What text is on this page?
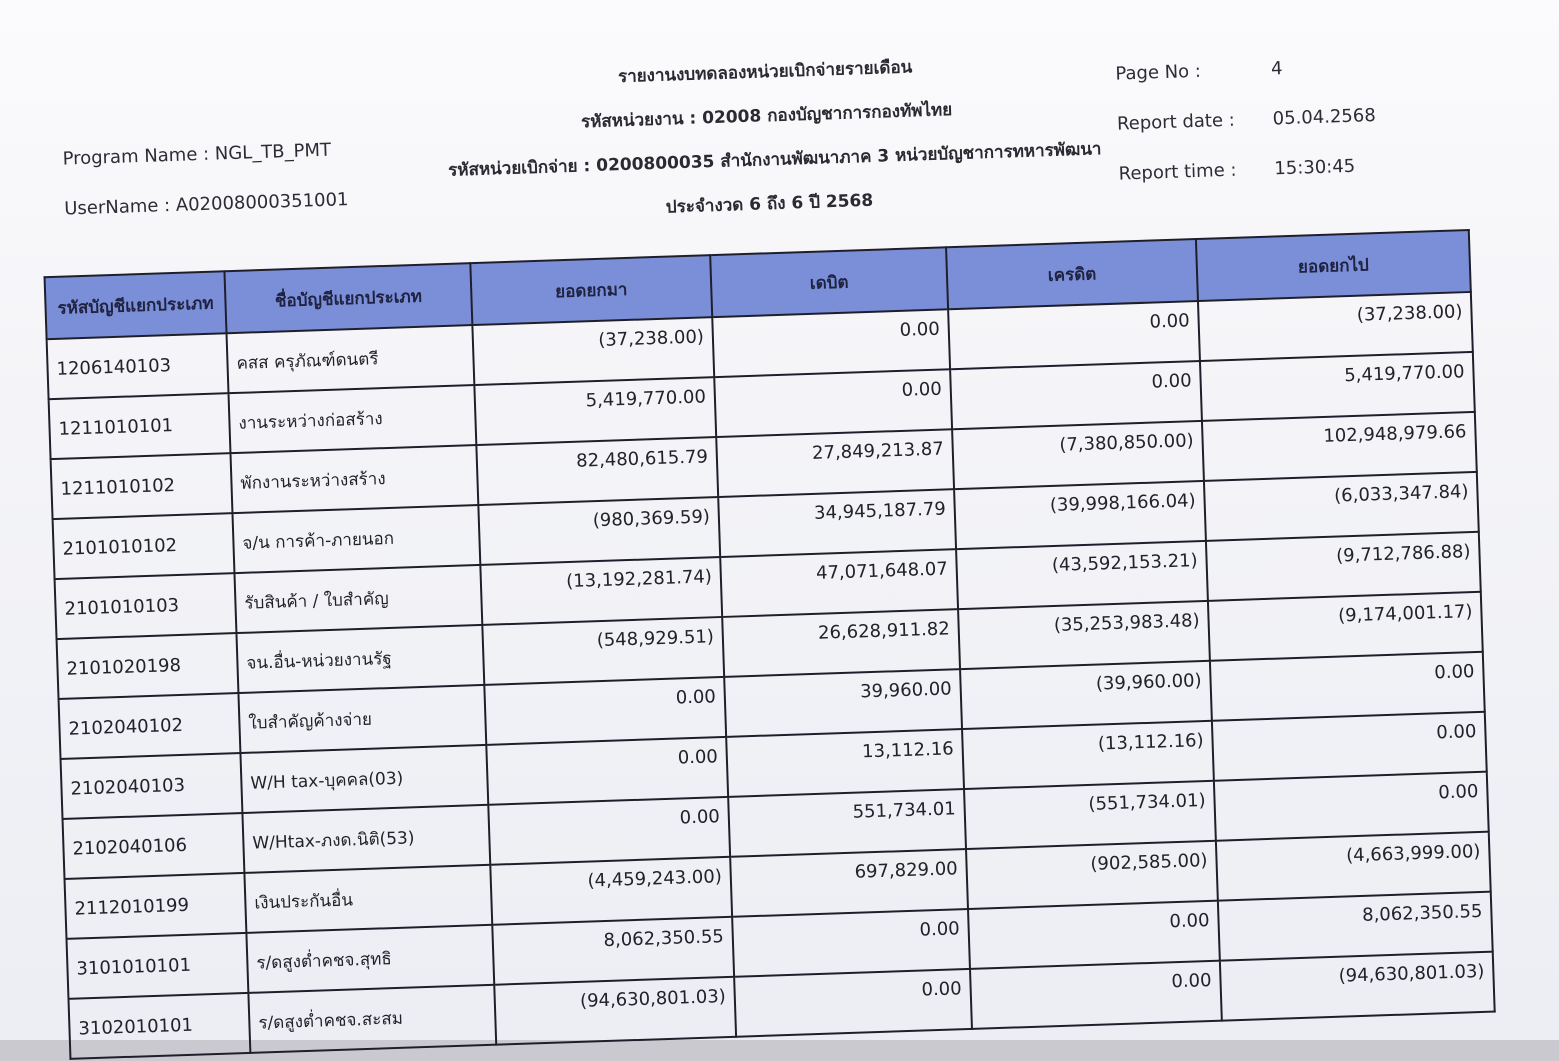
Program Name : NGL_TB_PMT
UserName : A02008000351001
รายงานงบทดลองหน่วยเบิกจ่ายรายเดือน
รหัสหน่วยงาน : 02008 กองบัญชาการกองทัพไทย
รหัสหน่วยเบิกจ่าย : 0200800035 สำนักงานพัฒนาภาค 3 หน่วยบัญชาการทหารพัฒนา
ประจำงวด 6 ถึง 6 ปี 2568
Page No :	4
Report date : 05.04.2568
Report time : 15:30:45
รหัสบัญชีแยกประเภท	ชื่อบัญชีแยกประเภท	ยอดยกมา	เดบิต	เครดิต	ยอดยกไป
1206140103	คสส ครุภัณฑ์ดนตรี	(37,238.00)	0.00	0.00	(37,238.00)
1211010101	งานระหว่างก่อสร้าง	5,419,770.00	0.00	0.00	5,419,770.00
1211010102	พักงานระหว่างสร้าง	82,480,615.79	27,849,213.87	(7,380,850.00)	102,948,979.66
2101010102	จ/น การค้า-ภายนอก	(980,369.59)	34,945,187.79	(39,998,166.04)	(6,033,347.84)
2101010103	รับสินค้า / ใบสำคัญ	(13,192,281.74)	47,071,648.07	(43,592,153.21)	(9,712,786.88)
2101020198	จน.อื่น-หน่วยงานรัฐ	(548,929.51)	26,628,911.82	(35,253,983.48)	(9,174,001.17)
2102040102	ใบสำคัญค้างจ่าย	0.00	39,960.00	(39,960.00)	0.00
2102040103	W/H tax-บุคคล(03)	0.00	13,112.16	(13,112.16)	0.00
2102040106	W/Htax-ภงด.นิติ(53)	0.00	551,734.01	(551,734.01)	0.00
2112010199	เงินประกันอื่น	(4,459,243.00)	697,829.00	(902,585.00)	(4,663,999.00)
3101010101	ร/ดสูงต่ำคชจ.สุทธิ	8,062,350.55	0.00	0.00	8,062,350.55
3102010101	ร/ดสูงต่ำคชจ.สะสม	(94,630,801.03)	0.00	0.00	(94,630,801.03)
